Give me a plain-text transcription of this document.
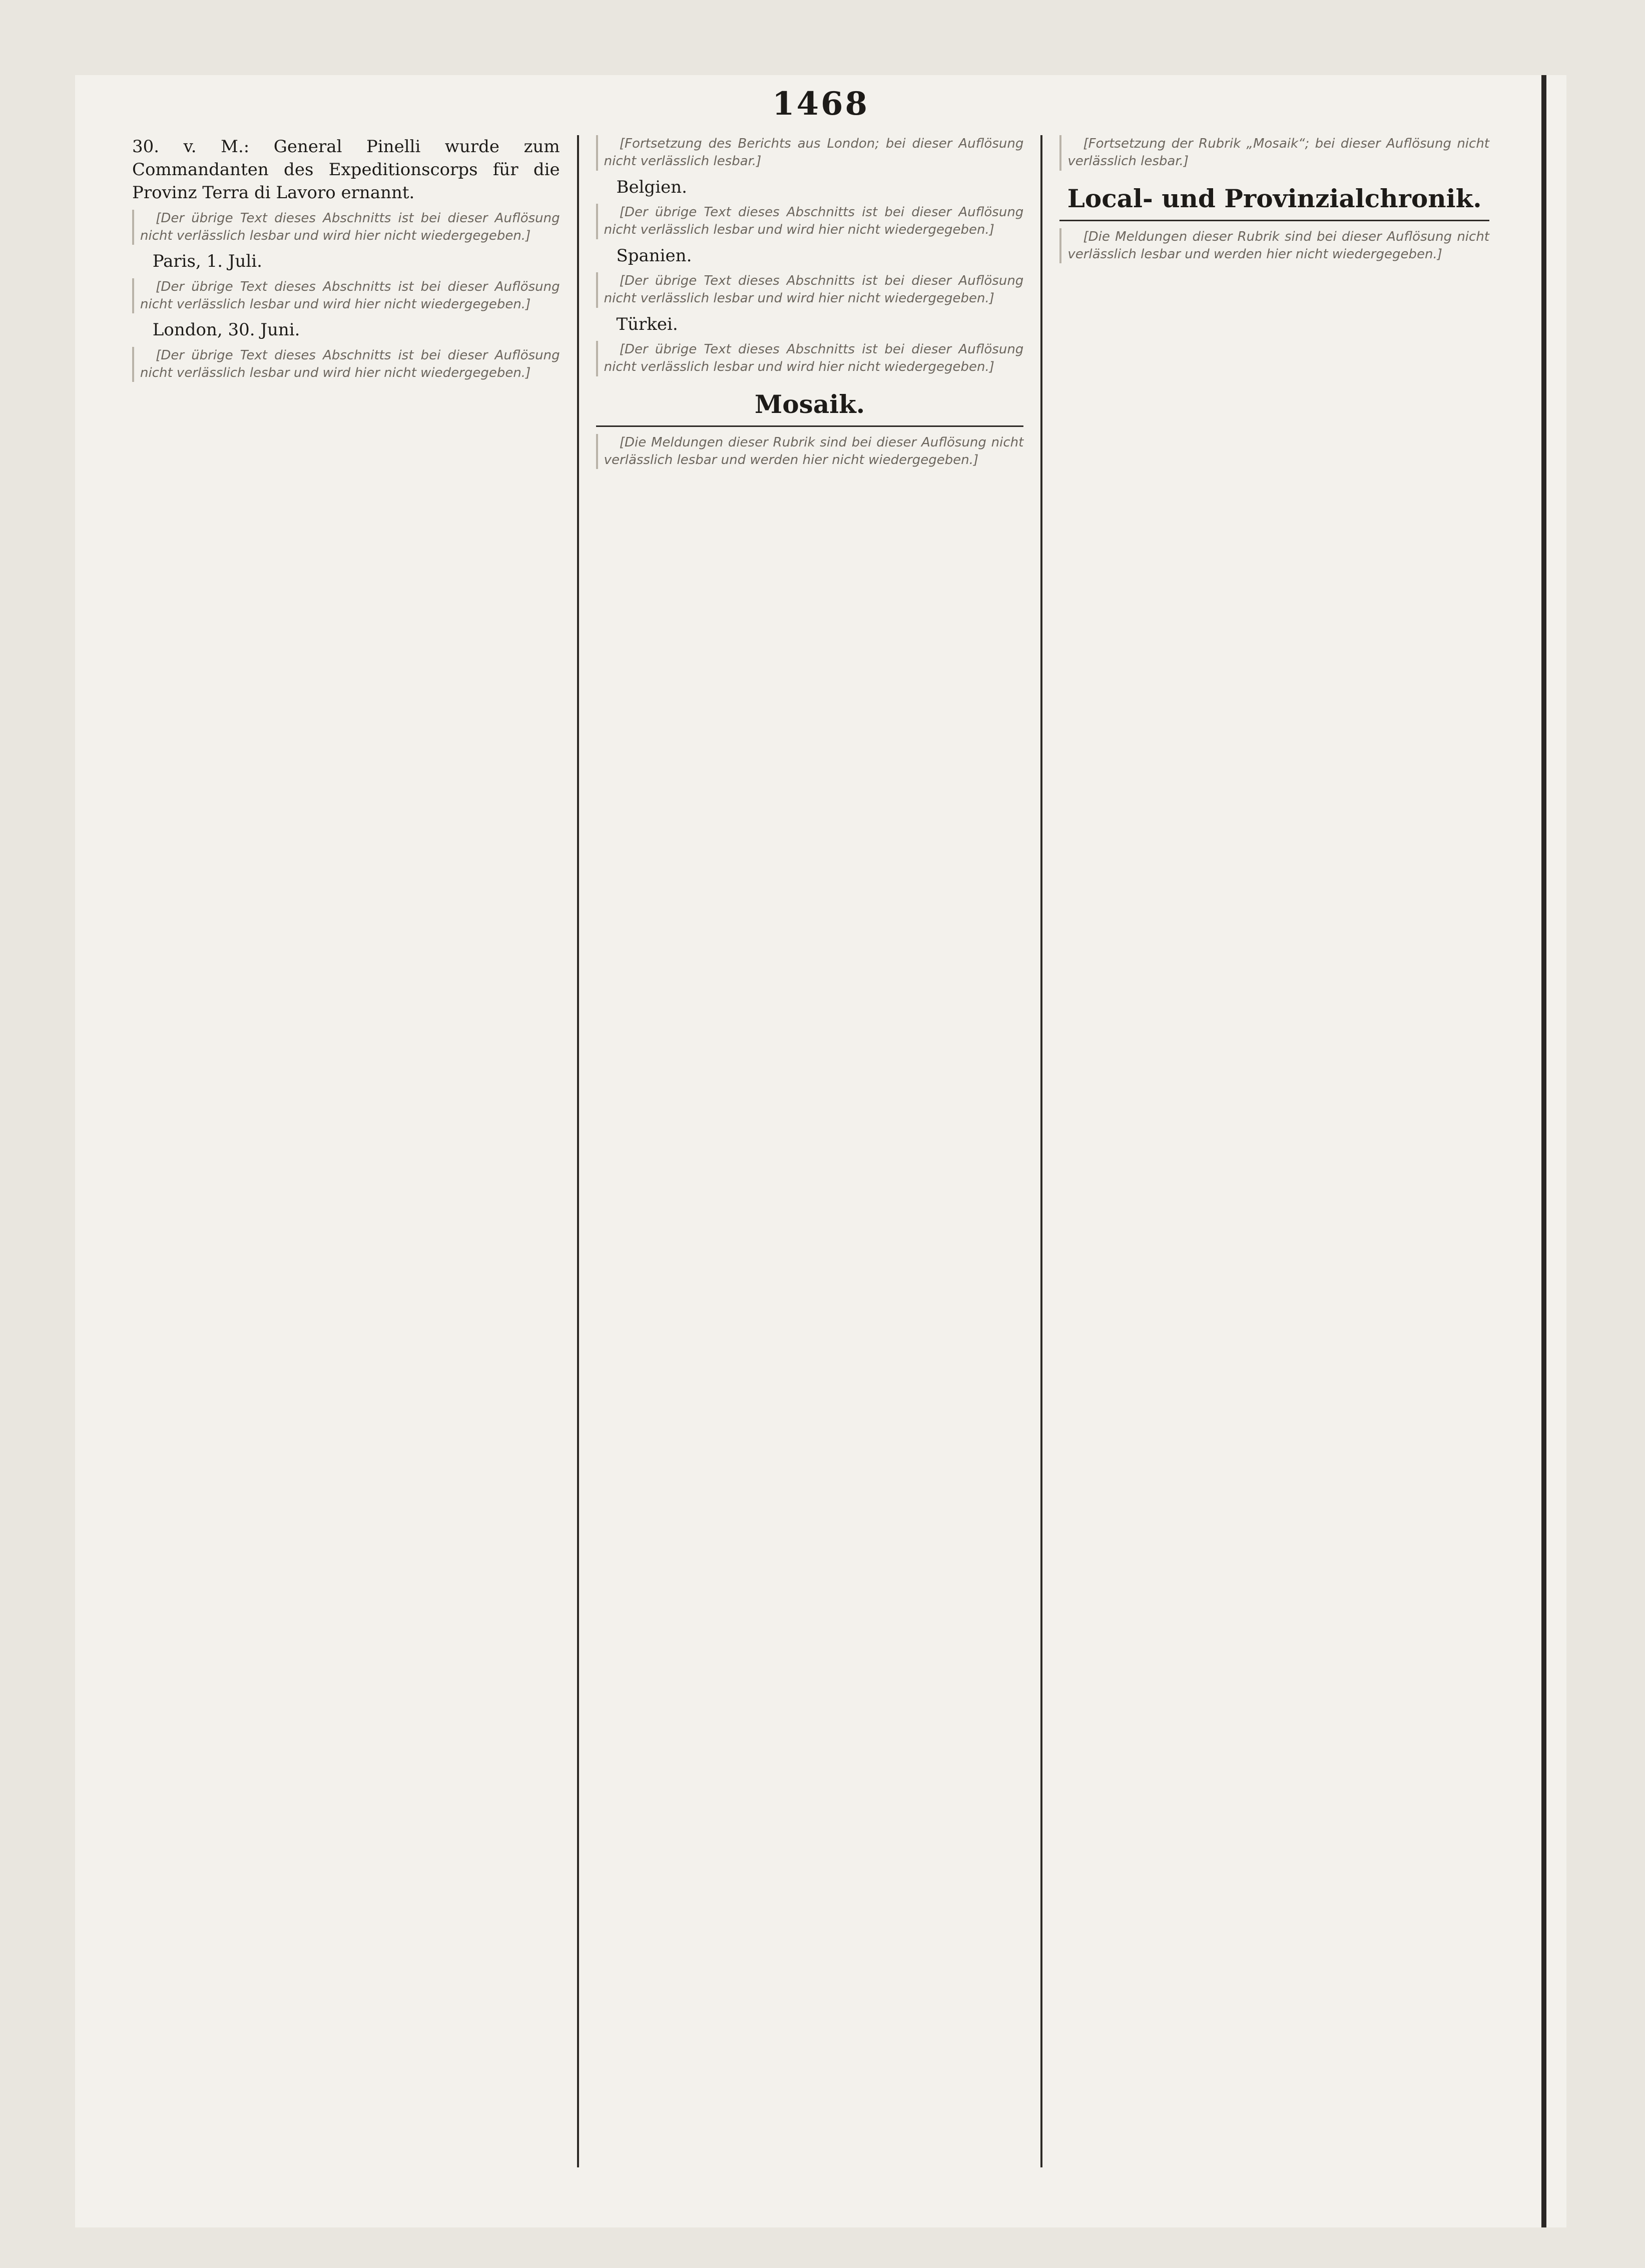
1468

30. v. M.: General Pinelli wurde zum Commandanten des Expeditionscorps für die Provinz Terra di Lavoro ernannt.

[Der übrige Text dieses Abschnitts ist bei dieser Auflösung nicht verlässlich lesbar und wird hier nicht wiedergegeben.]

Paris, 1. Juli.

[Der übrige Text dieses Abschnitts ist bei dieser Auflösung nicht verlässlich lesbar und wird hier nicht wiedergegeben.]

London, 30. Juni.

[Der übrige Text dieses Abschnitts ist bei dieser Auflösung nicht verlässlich lesbar und wird hier nicht wiedergegeben.]

[Fortsetzung des Berichts aus London; bei dieser Auflösung nicht verlässlich lesbar.]

Belgien.

[Der übrige Text dieses Abschnitts ist bei dieser Auflösung nicht verlässlich lesbar und wird hier nicht wiedergegeben.]

Spanien.

[Der übrige Text dieses Abschnitts ist bei dieser Auflösung nicht verlässlich lesbar und wird hier nicht wiedergegeben.]

Türkei.

[Der übrige Text dieses Abschnitts ist bei dieser Auflösung nicht verlässlich lesbar und wird hier nicht wiedergegeben.]

Mosaik.

[Die Meldungen dieser Rubrik sind bei dieser Auflösung nicht verlässlich lesbar und werden hier nicht wiedergegeben.]

[Fortsetzung der Rubrik „Mosaik“; bei dieser Auflösung nicht verlässlich lesbar.]

Local- und Provinzialchronik.

[Die Meldungen dieser Rubrik sind bei dieser Auflösung nicht verlässlich lesbar und werden hier nicht wiedergegeben.]
